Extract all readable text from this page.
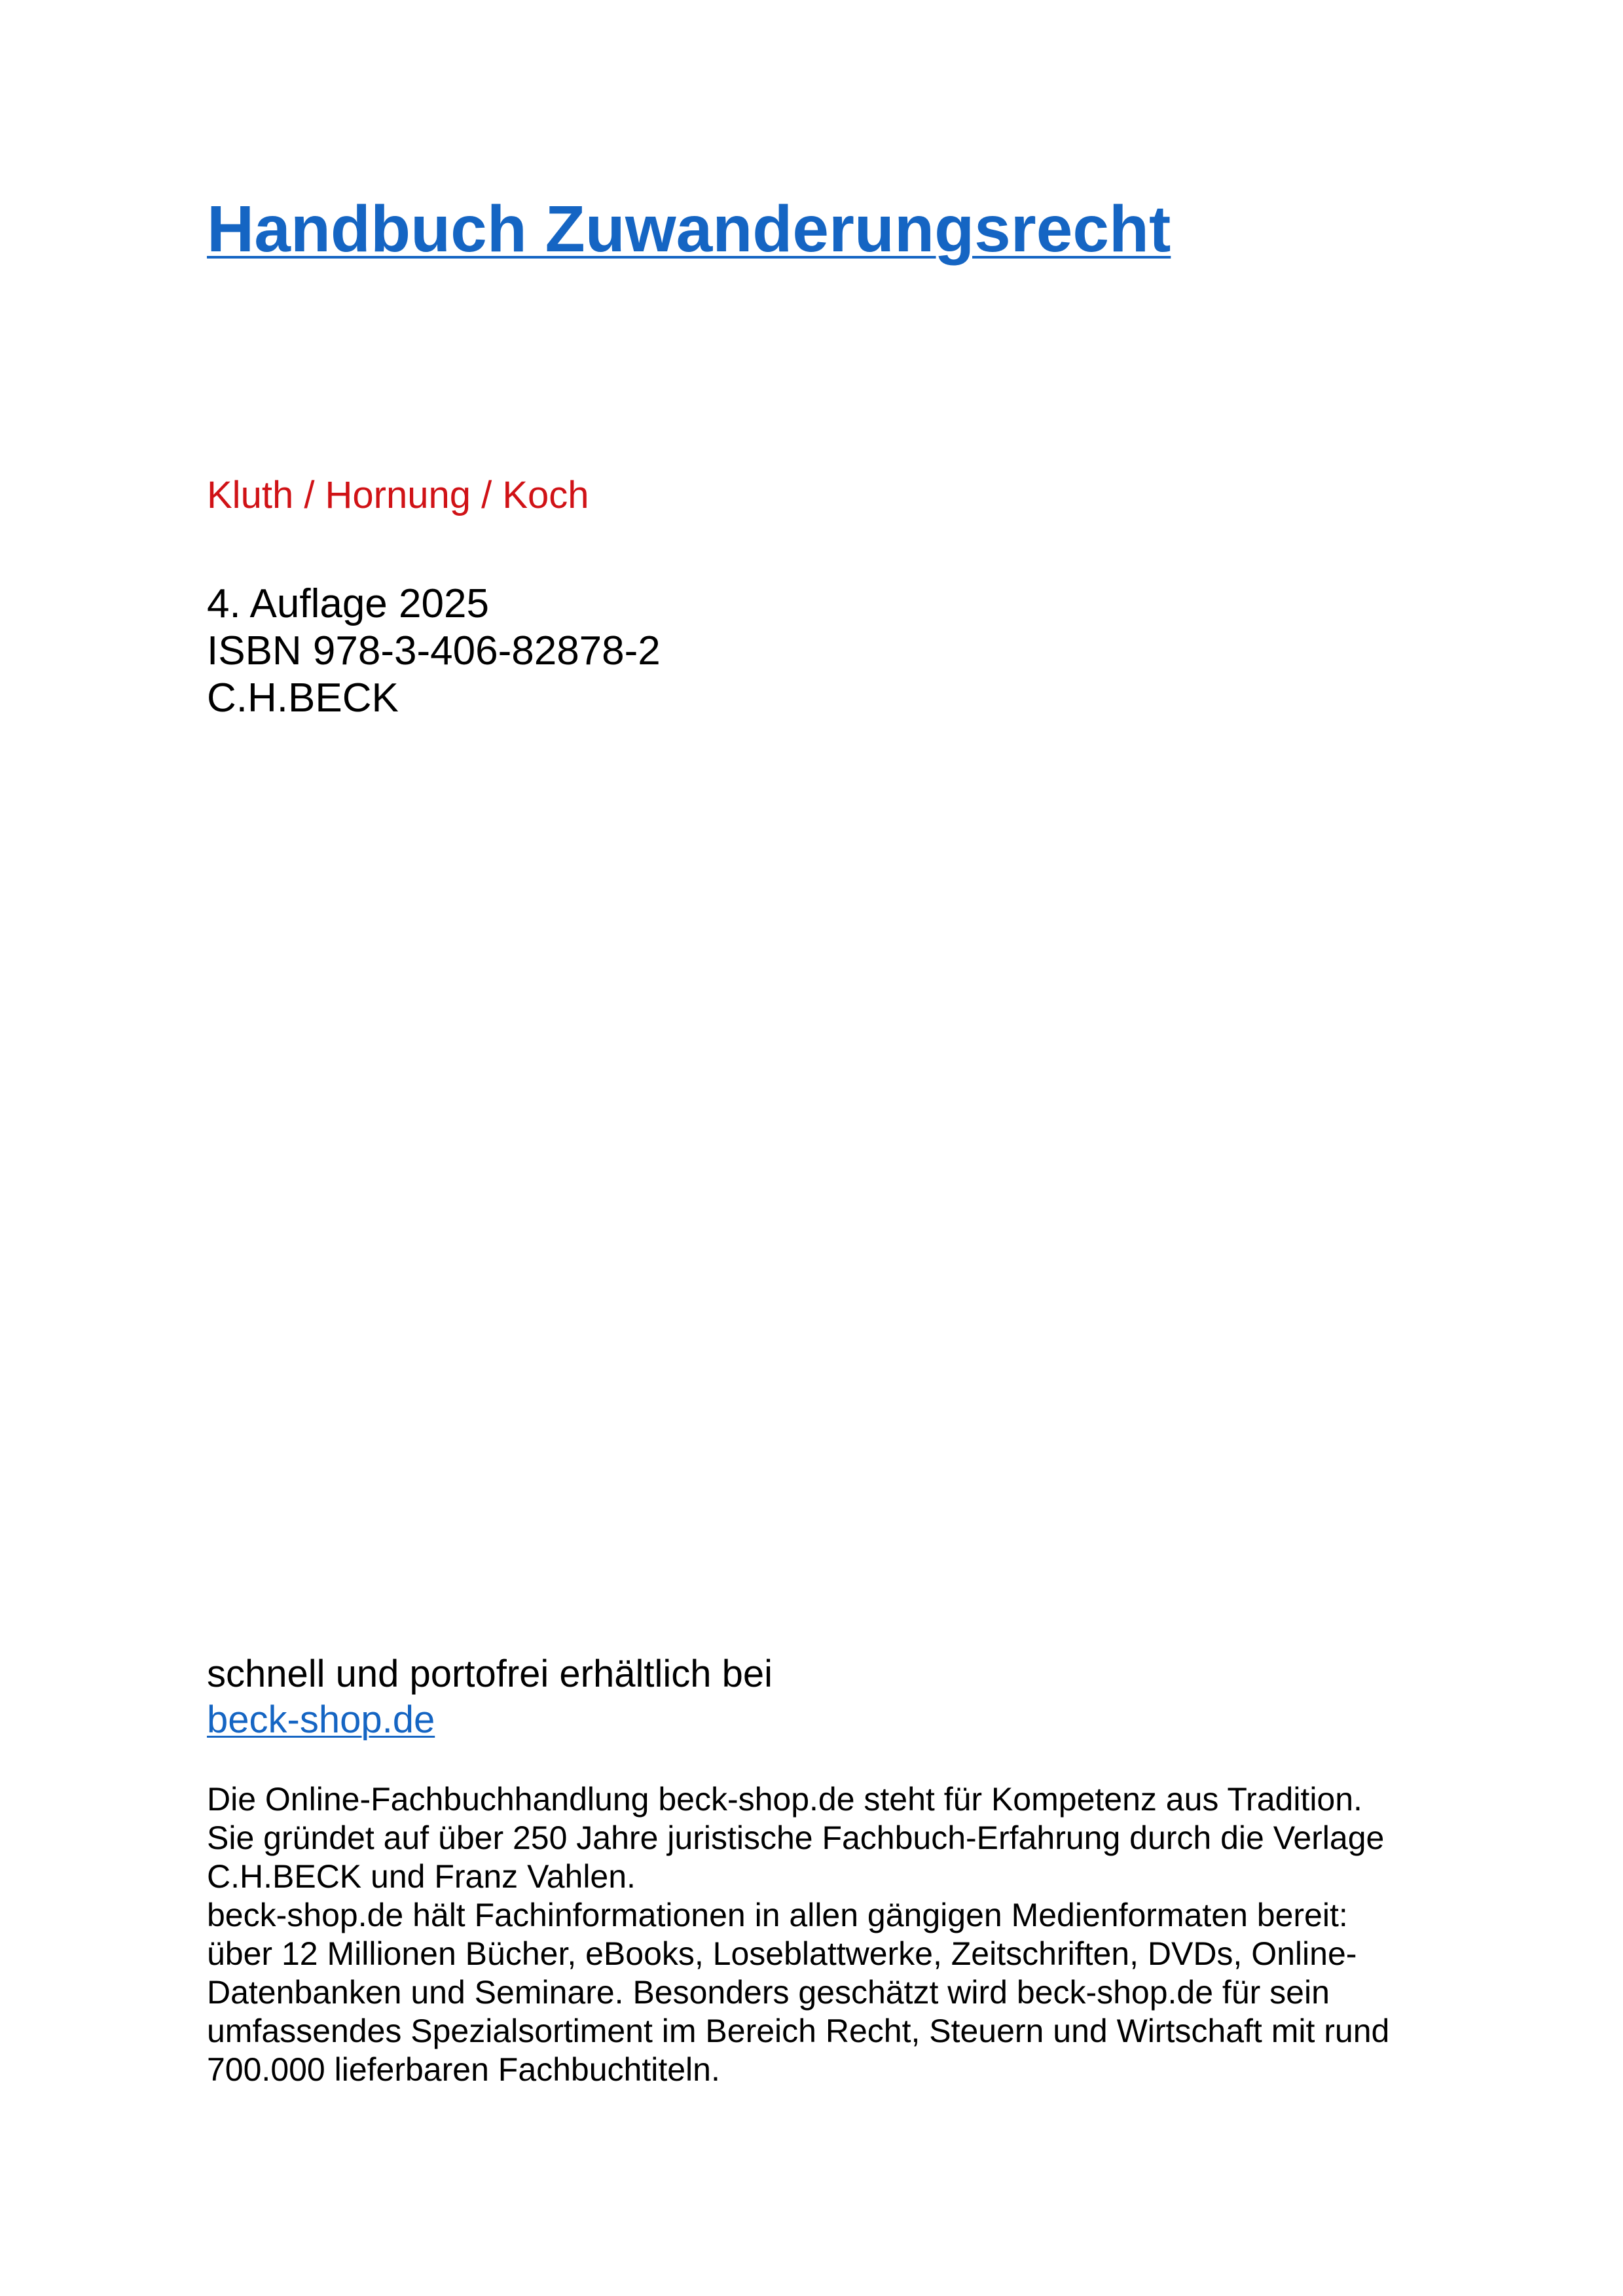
Handbuch Zuwanderungsrecht
Kluth / Hornung / Koch
4. Auflage 2025
ISBN 978-3-406-82878-2
C.H.BECK
schnell und portofrei erhältlich bei
beck-shop.de
Die Online-Fachbuchhandlung beck-shop.de steht für Kompetenz aus Tradition.
Sie gründet auf über 250 Jahre juristische Fachbuch-Erfahrung durch die Verlage
C.H.BECK und Franz Vahlen.
beck-shop.de hält Fachinformationen in allen gängigen Medienformaten bereit:
über 12 Millionen Bücher, eBooks, Loseblattwerke, Zeitschriften, DVDs, Online-
Datenbanken und Seminare. Besonders geschätzt wird beck-shop.de für sein
umfassendes Spezialsortiment im Bereich Recht, Steuern und Wirtschaft mit rund
700.000 lieferbaren Fachbuchtiteln.
